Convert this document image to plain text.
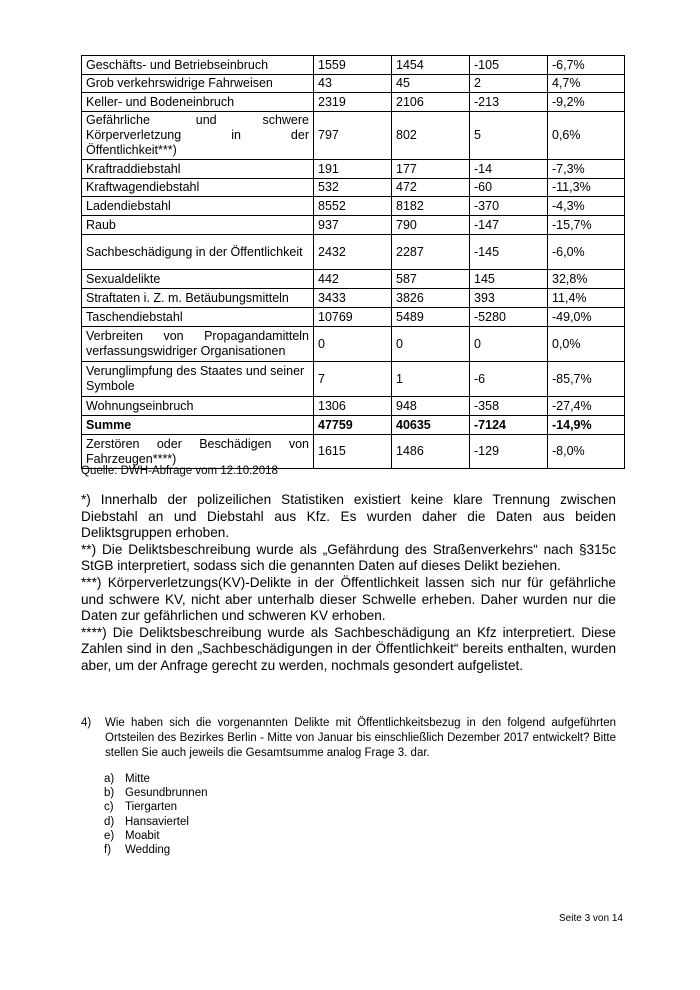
Geschäfts- und Betriebseinbruch	1559	1454	-105	-6,7%
Grob verkehrswidrige Fahrweisen	43	45	2	4,7%
Keller- und Bodeneinbruch	2319	2106	-213	-9,2%
Gefährliche und schwere Körperverletzung in der Öffentlichkeit***)	797	802	5	0,6%
Kraftraddiebstahl	191	177	-14	-7,3%
Kraftwagendiebstahl	532	472	-60	-11,3%
Ladendiebstahl	8552	8182	-370	-4,3%
Raub	937	790	-147	-15,7%
Sachbeschädigung in der Öffentlichkeit	2432	2287	-145	-6,0%
Sexualdelikte	442	587	145	32,8%
Straftaten i. Z. m. Betäubungsmitteln	3433	3826	393	11,4%
Taschendiebstahl	10769	5489	-5280	-49,0%
Verbreiten von Propagandamitteln verfassungswidriger Organisationen	0	0	0	0,0%
Verunglimpfung des Staates und seiner Symbole	7	1	-6	-85,7%
Wohnungseinbruch	1306	948	-358	-27,4%
Summe	47759	40635	-7124	-14,9%
Zerstören oder Beschädigen von Fahrzeugen****)	1615	1486	-129	-8,0%
Quelle: DWH-Abfrage vom 12.10.2018

*) Innerhalb der polizeilichen Statistiken existiert keine klare Trennung zwischen Diebstahl an und Diebstahl aus Kfz. Es wurden daher die Daten aus beiden Deliktsgruppen erhoben.

**) Die Deliktsbeschreibung wurde als „Gefährdung des Straßenverkehrs“ nach §315c StGB interpretiert, sodass sich die genannten Daten auf dieses Delikt beziehen.

***) Körperverletzungs(KV)-Delikte in der Öffentlichkeit lassen sich nur für gefährliche und schwere KV, nicht aber unterhalb dieser Schwelle erheben. Daher wurden nur die Daten zur gefährlichen und schweren KV erhoben.

****) Die Deliktsbeschreibung wurde als Sachbeschädigung an Kfz interpretiert. Diese Zahlen sind in den „Sachbeschädigungen in der Öffentlichkeit“ bereits enthalten, wurden aber, um der Anfrage gerecht zu werden, nochmals gesondert aufgelistet.

4)	Wie haben sich die vorgenannten Delikte mit Öffentlichkeitsbezug in den folgend aufgeführten Ortsteilen des Bezirkes Berlin - Mitte von Januar bis einschließlich Dezember 2017 entwickelt? Bitte stellen Sie auch jeweils die Gesamtsumme analog Frage 3. dar.
a) Mitte
b) Gesundbrunnen
c) Tiergarten
d) Hansaviertel
e) Moabit
f)	Wedding
Seite 3 von 14
